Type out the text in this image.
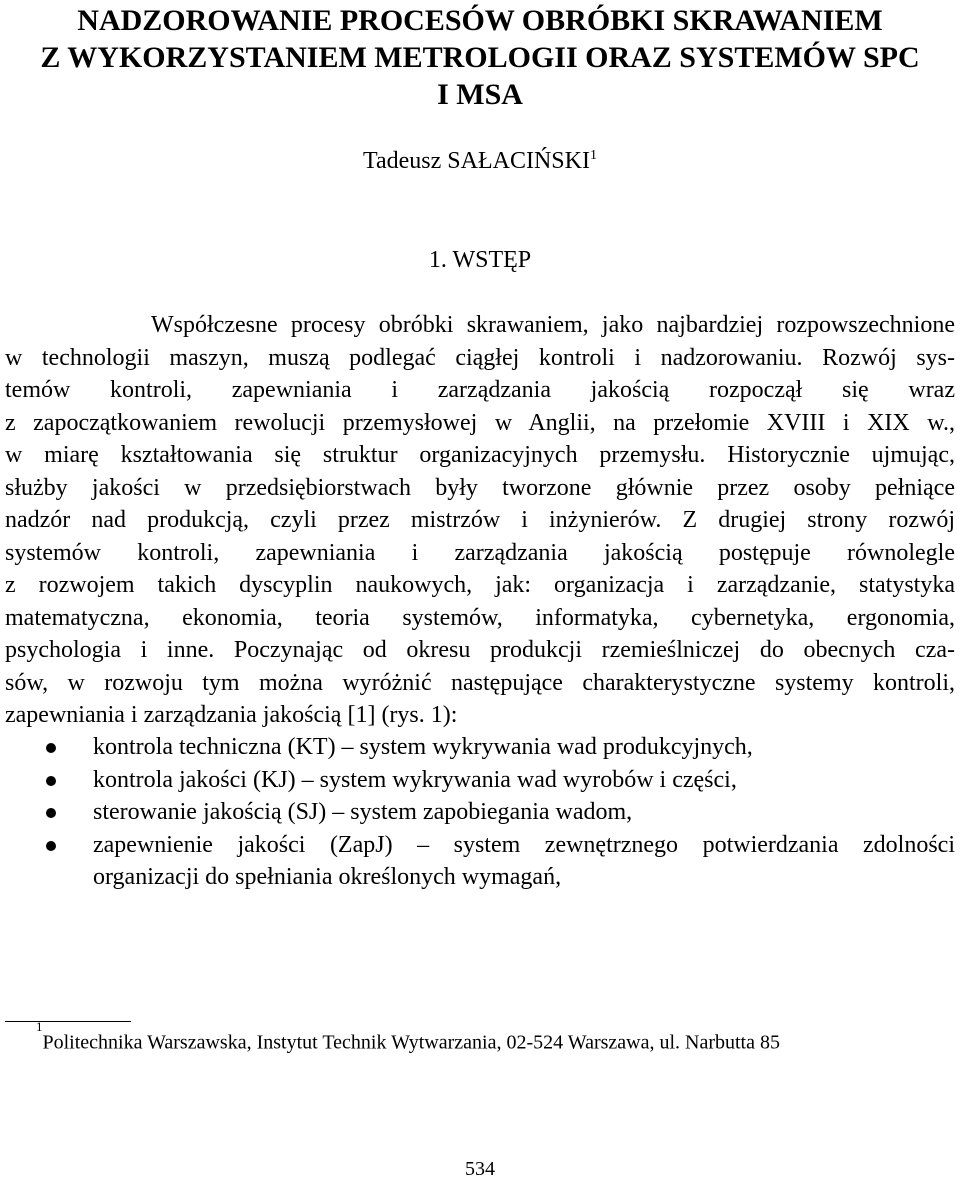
NADZOROWANIE PROCESÓW OBRÓBKI SKRAWANIEM
Z WYKORZYSTANIEM METROLOGII ORAZ SYSTEMÓW SPC
I MSA
Tadeusz SAŁACIŃSKI$^1$
1. WSTĘP
Współczesne procesy obróbki skrawaniem, jako najbardziej rozpowszechnione
w technologii maszyn, muszą podlegać ciągłej kontroli i nadzorowaniu. Rozwój sys-
temów kontroli, zapewniania i zarządzania jakością rozpoczął się wraz
z zapoczątkowaniem rewolucji przemysłowej w Anglii, na przełomie XVIII i XIX w.,
w miarę kształtowania się struktur organizacyjnych przemysłu. Historycznie ujmując,
służby jakości w przedsiębiorstwach były tworzone głównie przez osoby pełniące
nadzór nad produkcją, czyli przez mistrzów i inżynierów. Z drugiej strony rozwój
systemów kontroli, zapewniania i zarządzania jakością postępuje równolegle
z rozwojem takich dyscyplin naukowych, jak: organizacja i zarządzanie, statystyka
matematyczna, ekonomia, teoria systemów, informatyka, cybernetyka, ergonomia,
psychologia i inne. Poczynając od okresu produkcji rzemieślniczej do obecnych cza-
sów, w rozwoju tym można wyróżnić następujące charakterystyczne systemy kontroli,
zapewniania i zarządzania jakością [1] (rys. 1):
kontrola techniczna (KT) – system wykrywania wad produkcyjnych,
kontrola jakości (KJ) – system wykrywania wad wyrobów i części,
sterowanie jakością (SJ) – system zapobiegania wadom,
zapewnienie jakości (ZapJ) – system zewnętrznego potwierdzania zdolności
organizacji do spełniania określonych wymagań,
$^1$Politechnika Warszawska, Instytut Technik Wytwarzania, 02-524 Warszawa, ul. Narbutta 85
534
